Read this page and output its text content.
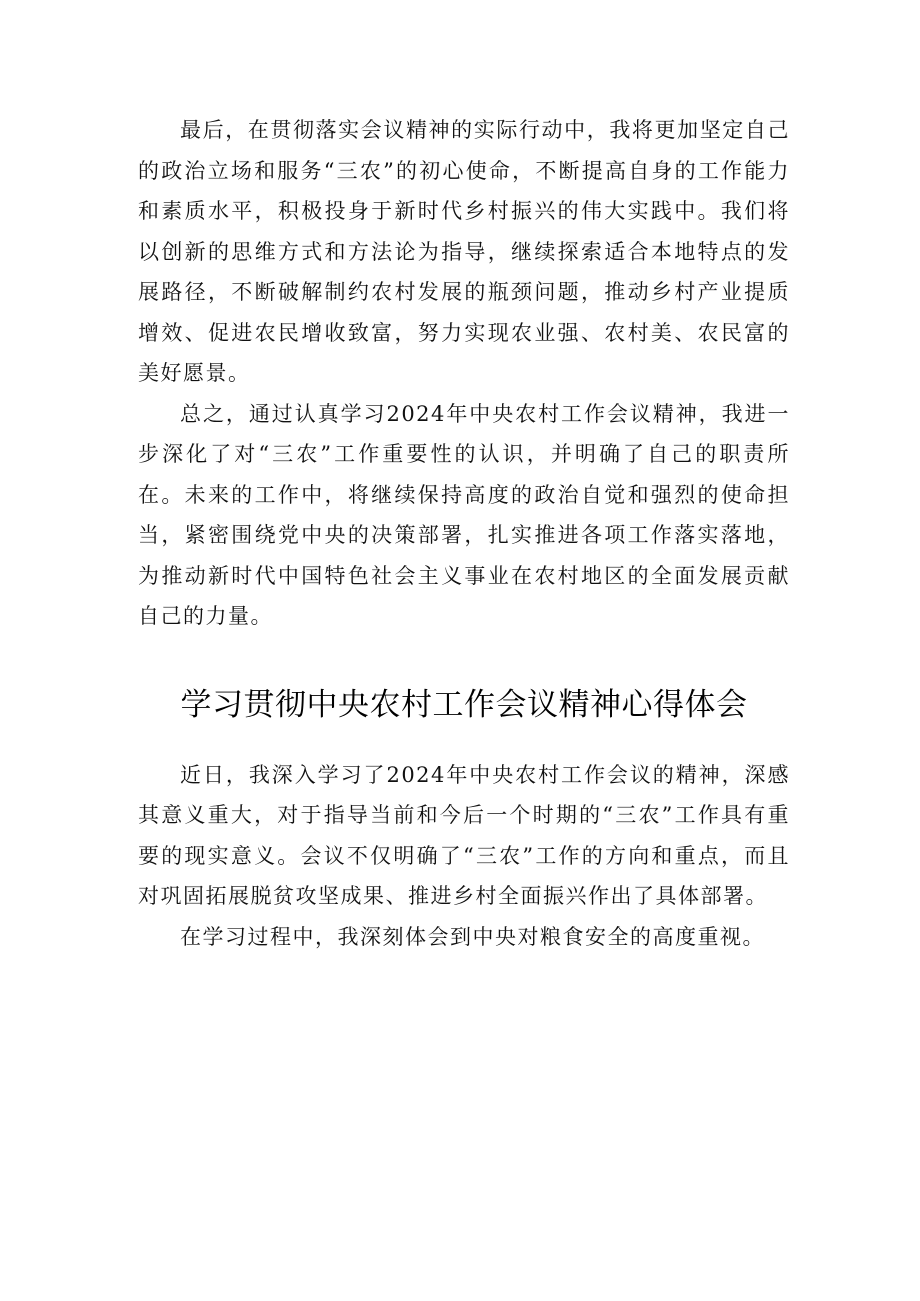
最后，在贯彻落实会议精神的实际行动中，我将更加坚定自己的政治立场和服务“三农”的初心使命，不断提高自身的工作能力和素质水平，积极投身于新时代乡村振兴的伟大实践中。我们将以创新的思维方式和方法论为指导，继续探索适合本地特点的发展路径，不断破解制约农村发展的瓶颈问题，推动乡村产业提质增效、促进农民增收致富，努力实现农业强、农村美、农民富的美好愿景。

总之，通过认真学习2024年中央农村工作会议精神，我进一步深化了对“三农”工作重要性的认识，并明确了自己的职责所在。未来的工作中，将继续保持高度的政治自觉和强烈的使命担当，紧密围绕党中央的决策部署，扎实推进各项工作落实落地，为推动新时代中国特色社会主义事业在农村地区的全面发展贡献自己的力量。

学习贯彻中央农村工作会议精神心得体会

近日，我深入学习了2024年中央农村工作会议的精神，深感其意义重大，对于指导当前和今后一个时期的“三农”工作具有重要的现实意义。会议不仅明确了“三农”工作的方向和重点，而且对巩固拓展脱贫攻坚成果、推进乡村全面振兴作出了具体部署。

在学习过程中，我深刻体会到中央对粮食安全的高度重视。
